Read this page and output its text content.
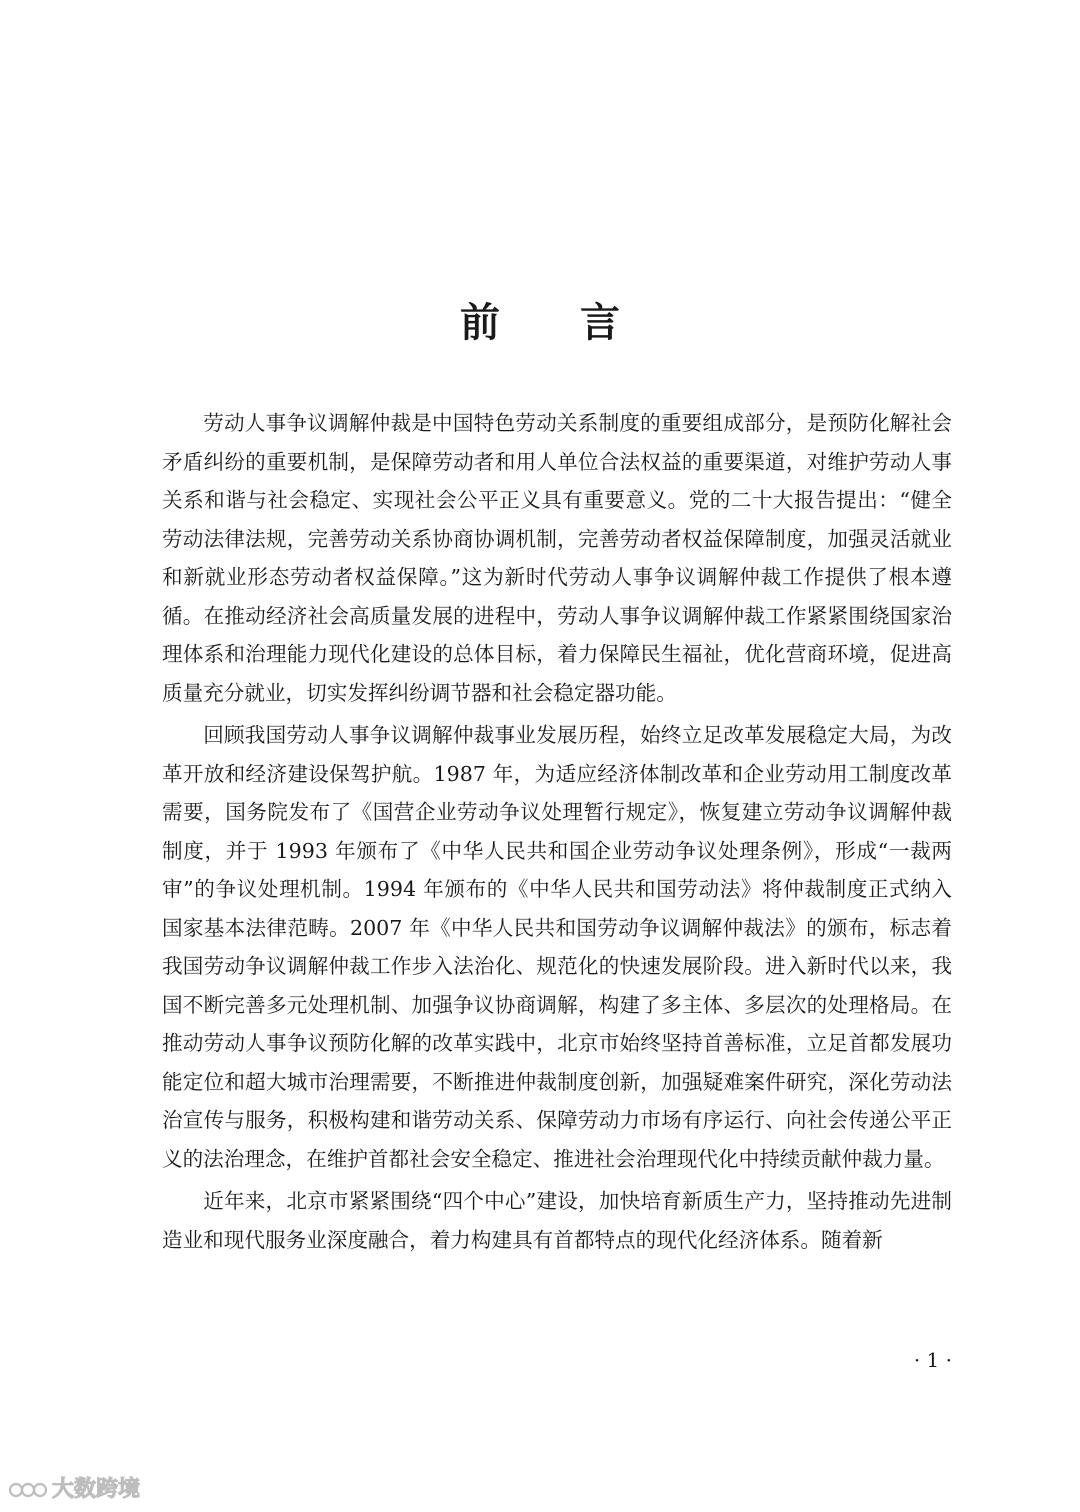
前 言

劳动人事争议调解仲裁是中国特色劳动关系制度的重要组成部分，是预防化解社会矛盾纠纷的重要机制，是保障劳动者和用人单位合法权益的重要渠道，对维护劳动人事关系和谐与社会稳定、实现社会公平正义具有重要意义。党的二十大报告提出：“健全劳动法律法规，完善劳动关系协商协调机制，完善劳动者权益保障制度，加强灵活就业和新就业形态劳动者权益保障。”这为新时代劳动人事争议调解仲裁工作提供了根本遵循。在推动经济社会高质量发展的进程中，劳动人事争议调解仲裁工作紧紧围绕国家治理体系和治理能力现代化建设的总体目标，着力保障民生福祉，优化营商环境，促进高质量充分就业，切实发挥纠纷调节器和社会稳定器功能。

回顾我国劳动人事争议调解仲裁事业发展历程，始终立足改革发展稳定大局，为改革开放和经济建设保驾护航。1987 年，为适应经济体制改革和企业劳动用工制度改革需要，国务院发布了《国营企业劳动争议处理暂行规定》，恢复建立劳动争议调解仲裁制度，并于 1993 年颁布了《中华人民共和国企业劳动争议处理条例》，形成“一裁两审”的争议处理机制。1994 年颁布的《中华人民共和国劳动法》将仲裁制度正式纳入国家基本法律范畴。2007 年《中华人民共和国劳动争议调解仲裁法》的颁布，标志着我国劳动争议调解仲裁工作步入法治化、规范化的快速发展阶段。进入新时代以来，我国不断完善多元处理机制、加强争议协商调解，构建了多主体、多层次的处理格局。在推动劳动人事争议预防化解的改革实践中，北京市始终坚持首善标准，立足首都发展功能定位和超大城市治理需要，不断推进仲裁制度创新，加强疑难案件研究，深化劳动法治宣传与服务，积极构建和谐劳动关系、保障劳动力市场有序运行、向社会传递公平正义的法治理念，在维护首都社会安全稳定、推进社会治理现代化中持续贡献仲裁力量。

近年来，北京市紧紧围绕“四个中心”建设，加快培育新质生产力，坚持推动先进制造业和现代服务业深度融合，着力构建具有首都特点的现代化经济体系。随着新

· 1 ·
大数跨境
